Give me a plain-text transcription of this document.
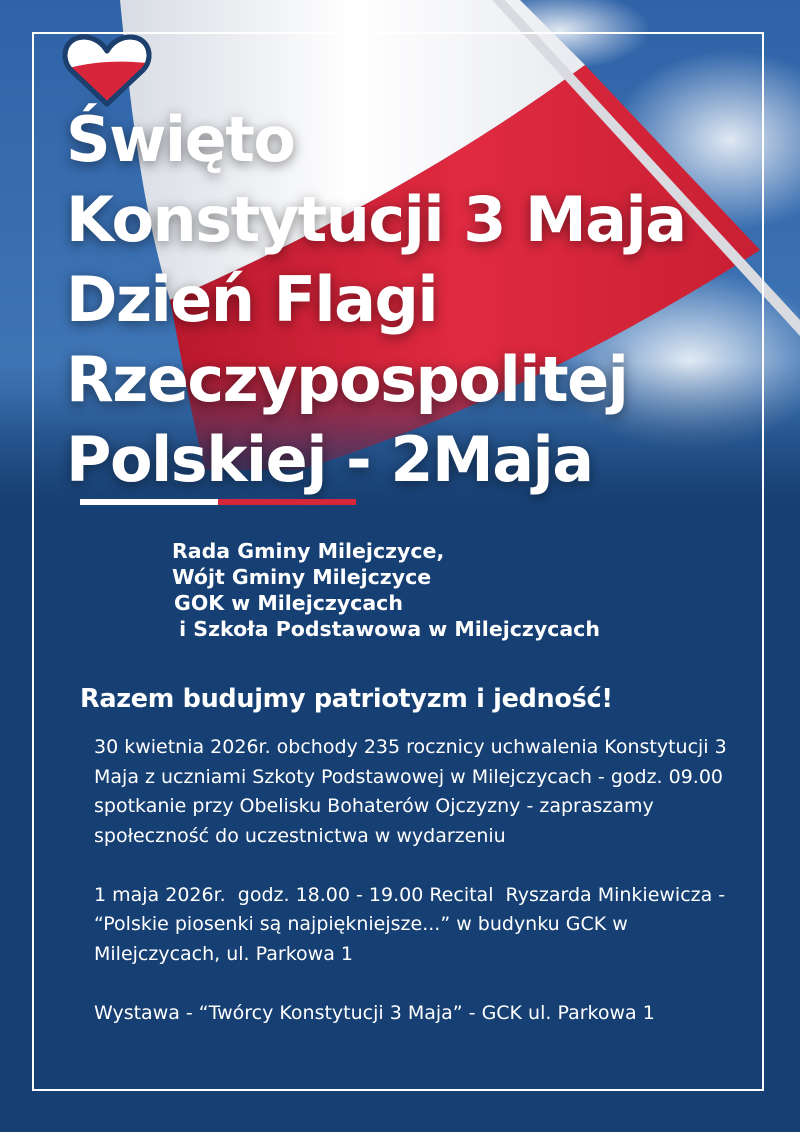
Święto
Konstytucji 3 Maja
Dzień Flagi
Rzeczypospolitej
Polskiej - 2Maja
Rada Gminy Milejczyce,
Wójt Gminy Milejczyce
GOK w Milejczycach
i Szkoła Podstawowa w Milejczycach
Razem budujmy patriotyzm i jedność!

30 kwietnia 2026r. obchody 235 rocznicy uchwalenia Konstytucji 3 Maja z uczniami Szkoty Podstawowej w Milejczycach - godz. 09.00 spotkanie przy Obelisku Bohaterów Ojczyzny - zapraszamy społeczność do uczestnictwa w wydarzeniu

1 maja 2026r.  godz. 18.00 - 19.00 Recital  Ryszarda Minkiewicza - “Polskie piosenki są najpiękniejsze...” w budynku GCK w Milejczycach, ul. Parkowa 1

Wystawa - “Twórcy Konstytucji 3 Maja” - GCK ul. Parkowa 1
